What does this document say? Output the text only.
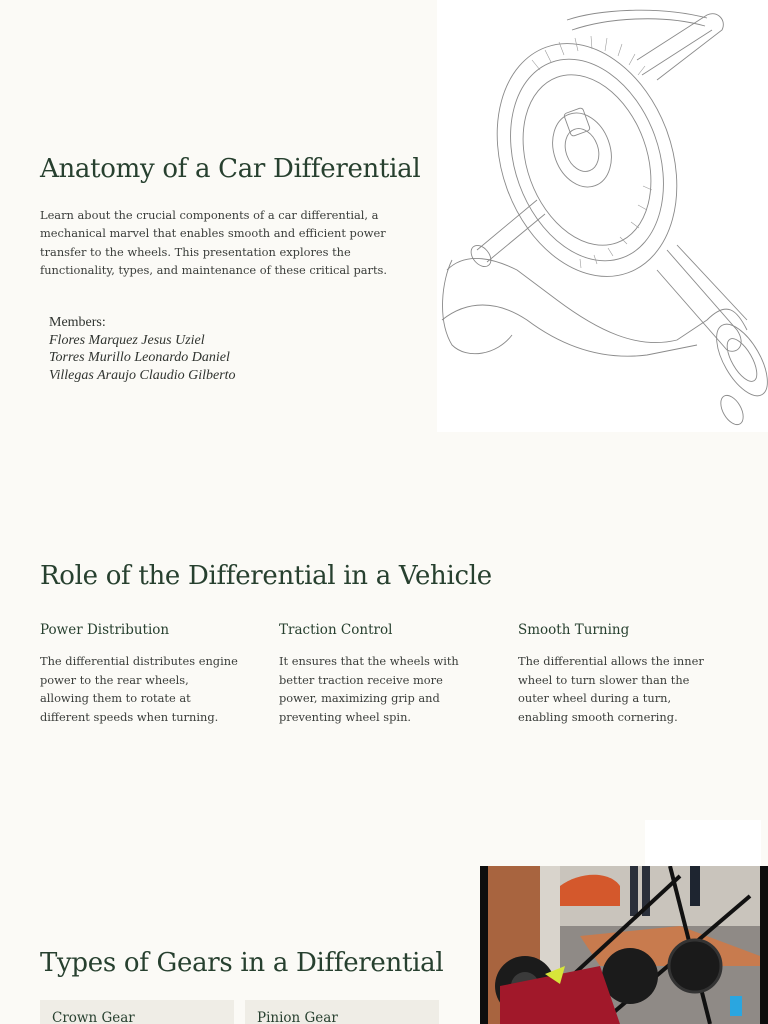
Anatomy of a Car Differential

Learn about the crucial components of a car differential, a mechanical marvel that enables smooth and efficient power transfer to the wheels. This presentation explores the functionality, types, and maintenance of these critical parts.

Members:
Flores Marquez Jesus Uziel
Torres Murillo Leonardo Daniel
Villegas Araujo Claudio Gilberto
Role of the Differential in a Vehicle
Power Distribution

The differential distributes engine power to the rear wheels, allowing them to rotate at different speeds when turning.

Traction Control

It ensures that the wheels with better traction receive more power, maximizing grip and preventing wheel spin.

Smooth Turning

The differential allows the inner wheel to turn slower than the outer wheel during a turn, enabling smooth cornering.

Types of Gears in a Differential
Crown Gear	Pinion Gear
